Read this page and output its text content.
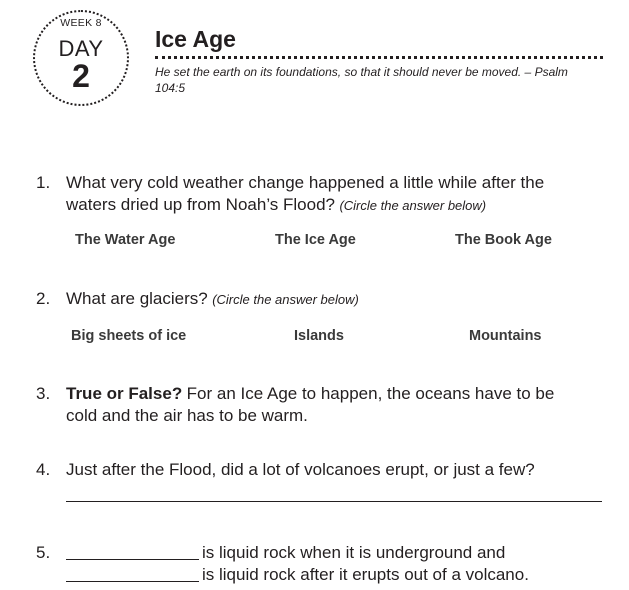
WEEK 8
DAY
2
Ice Age
He set the earth on its foundations, so that it should never be moved. – Psalm 104:5
1. What very cold weather change happened a little while after the
waters dried up from Noah’s Flood? (Circle the answer below)
The Water Age	The Ice Age	The Book Age
2. What are glaciers? (Circle the answer below)
Big sheets of ice	Islands	Mountains
3. True or False? For an Ice Age to happen, the oceans have to be
cold and the air has to be warm.
4. Just after the Flood, did a lot of volcanoes erupt, or just a few?
5.	is liquid rock when it is underground and
is liquid rock after it erupts out of a volcano.
